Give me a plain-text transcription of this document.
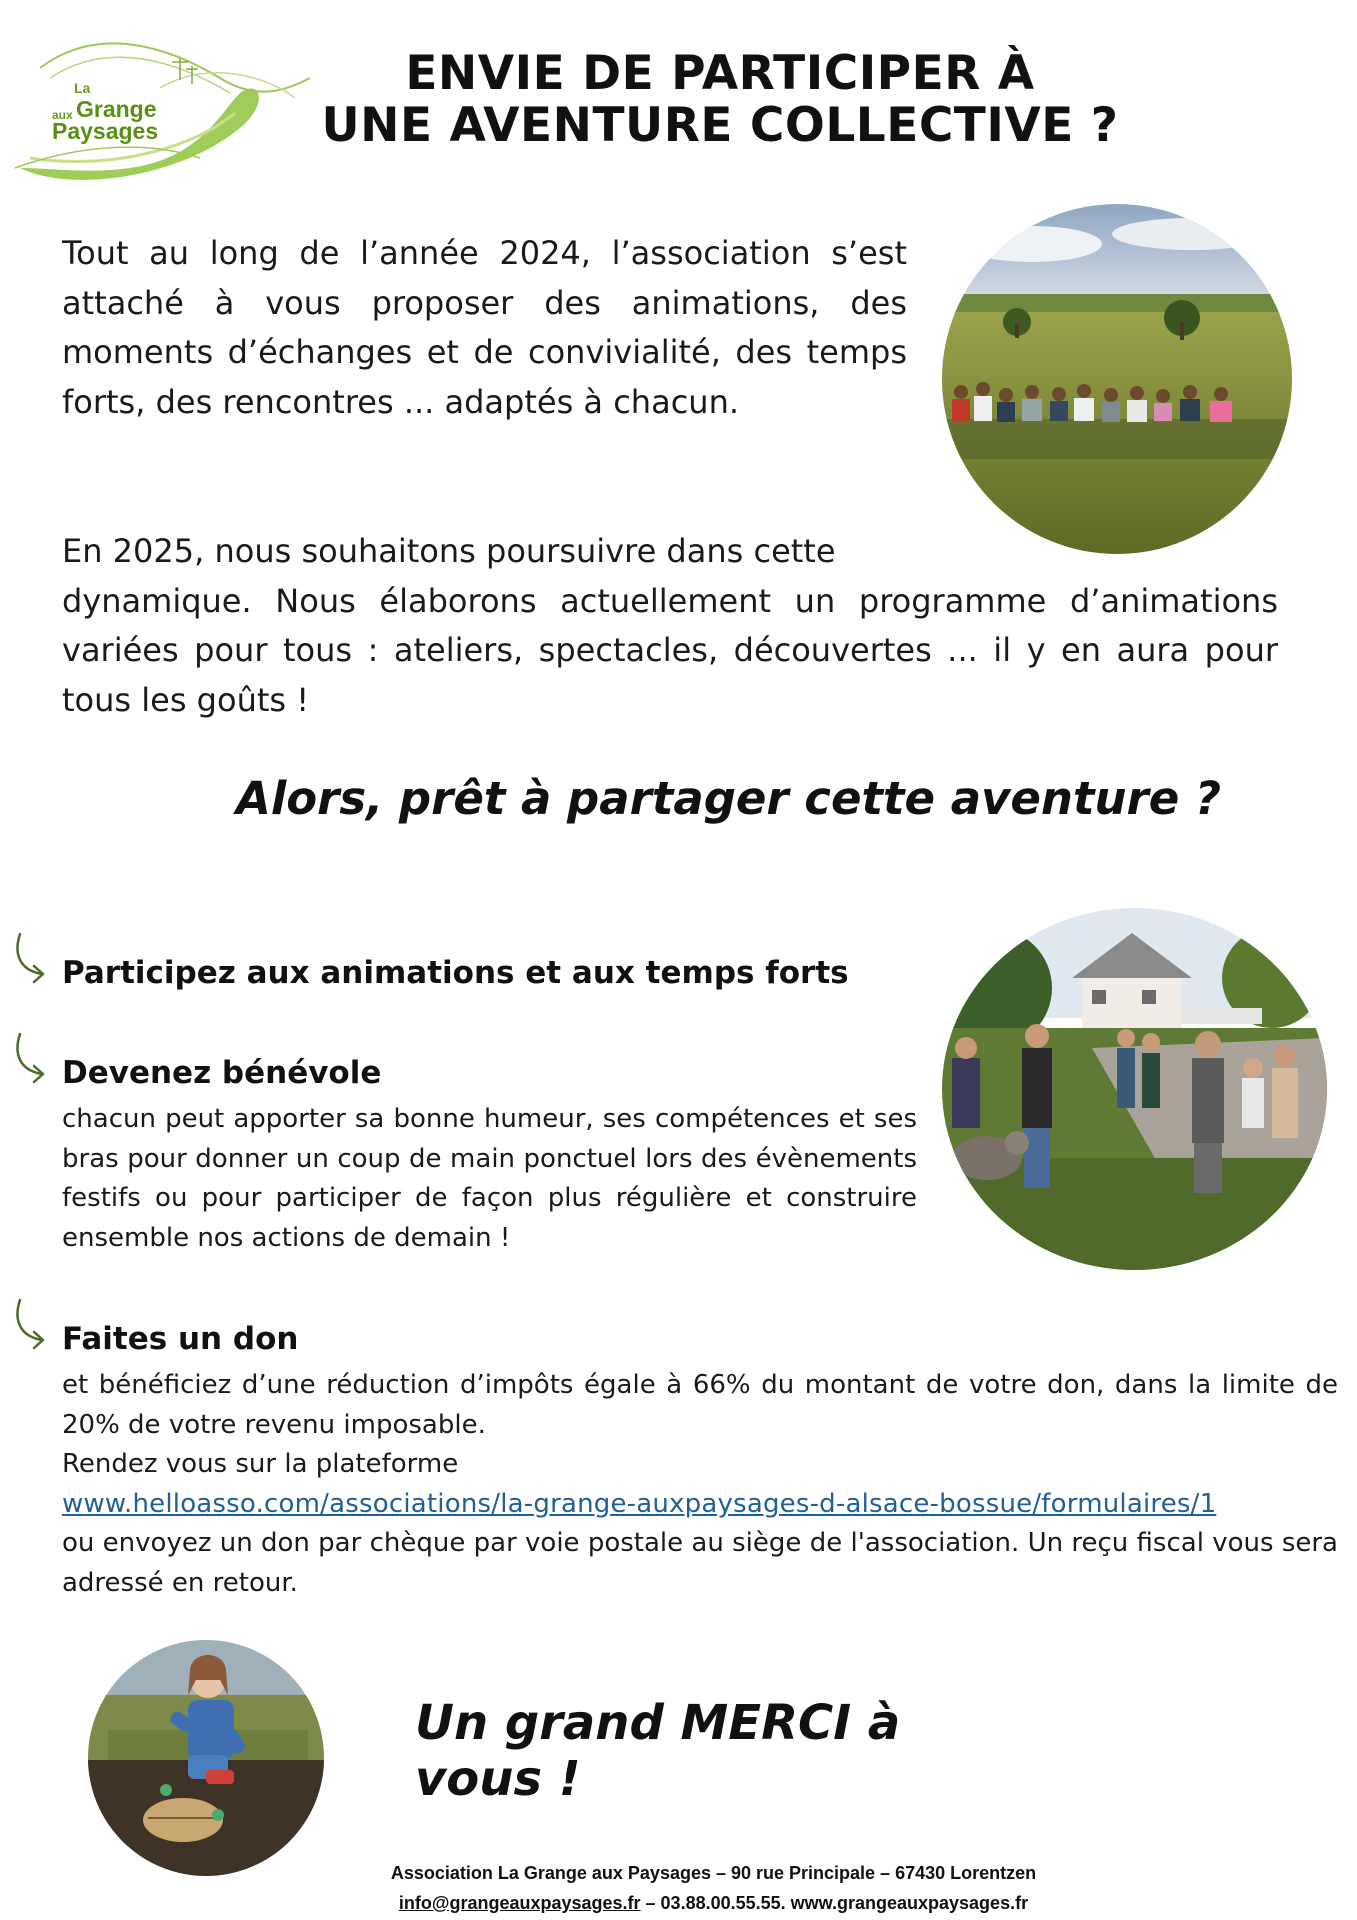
La
Grange
aux
Paysages
ENVIE DE PARTICIPER À
UNE AVENTURE COLLECTIVE ?
Tout au long de l’année 2024, l’association s’est attaché à vous proposer des animations, des moments d’échanges et de convivialité, des temps forts, des rencontres ... adaptés à chacun.
En 2025, nous souhaitons poursuivre dans cette
dynamique. Nous élaborons actuellement un programme d’animations variées pour tous : ateliers, spectacles, découvertes ... il y en aura pour tous les goûts !
Alors, prêt à partager cette aventure ?
Participez aux animations et aux temps forts
Devenez bénévole
chacun peut apporter sa bonne humeur, ses compétences et ses bras pour donner un coup de main ponctuel lors des évènements festifs ou pour participer de façon plus régulière et construire ensemble nos actions de demain !
Faites un don
et bénéficiez d’une réduction d’impôts égale à 66% du montant de votre don, dans la limite de 20% de votre revenu imposable.
Rendez vous sur la plateforme
www.helloasso.com/associations/la-grange-auxpaysages-d-alsace-bossue/formulaires/1
ou envoyez un don par chèque par voie postale au siège de l'association. Un reçu fiscal vous sera adressé en retour.
Un grand MERCI à vous !
Association La Grange aux Paysages – 90 rue Principale – 67430 Lorentzen
info@grangeauxpaysages.fr – 03.88.00.55.55. www.grangeauxpaysages.fr
